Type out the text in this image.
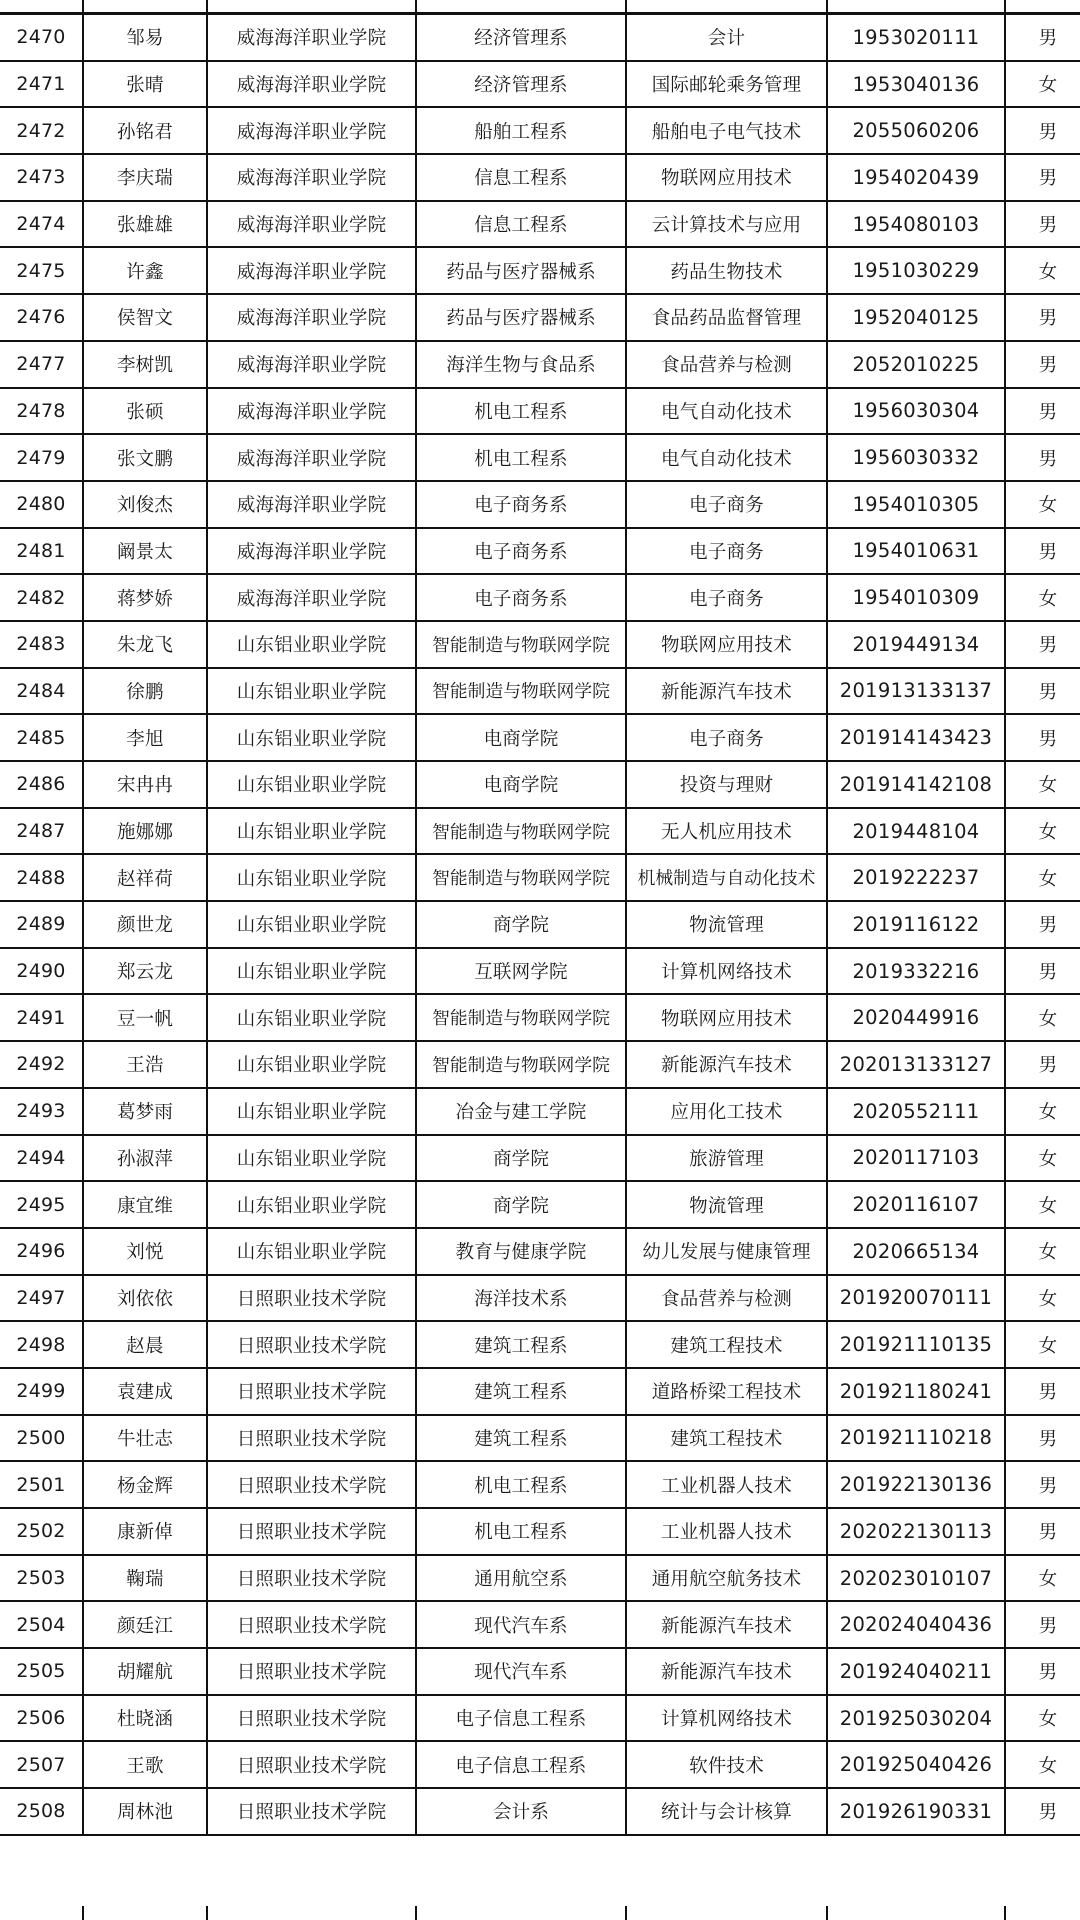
2470	邹易	威海海洋职业学院	经济管理系	会计	1953020111	男
2471	张晴	威海海洋职业学院	经济管理系	国际邮轮乘务管理	1953040136	女
2472	孙铭君	威海海洋职业学院	船舶工程系	船舶电子电气技术	2055060206	男
2473	李庆瑞	威海海洋职业学院	信息工程系	物联网应用技术	1954020439	男
2474	张雄雄	威海海洋职业学院	信息工程系	云计算技术与应用	1954080103	男
2475	许鑫	威海海洋职业学院	药品与医疗器械系	药品生物技术	1951030229	女
2476	侯智文	威海海洋职业学院	药品与医疗器械系	食品药品监督管理	1952040125	男
2477	李树凯	威海海洋职业学院	海洋生物与食品系	食品营养与检测	2052010225	男
2478	张硕	威海海洋职业学院	机电工程系	电气自动化技术	1956030304	男
2479	张文鹏	威海海洋职业学院	机电工程系	电气自动化技术	1956030332	男
2480	刘俊杰	威海海洋职业学院	电子商务系	电子商务	1954010305	女
2481	阚景太	威海海洋职业学院	电子商务系	电子商务	1954010631	男
2482	蒋梦娇	威海海洋职业学院	电子商务系	电子商务	1954010309	女
2483	朱龙飞	山东铝业职业学院	智能制造与物联网学院	物联网应用技术	2019449134	男
2484	徐鹏	山东铝业职业学院	智能制造与物联网学院	新能源汽车技术	201913133137	男
2485	李旭	山东铝业职业学院	电商学院	电子商务	201914143423	男
2486	宋冉冉	山东铝业职业学院	电商学院	投资与理财	201914142108	女
2487	施娜娜	山东铝业职业学院	智能制造与物联网学院	无人机应用技术	2019448104	女
2488	赵祥荷	山东铝业职业学院	智能制造与物联网学院	机械制造与自动化技术	2019222237	女
2489	颜世龙	山东铝业职业学院	商学院	物流管理	2019116122	男
2490	郑云龙	山东铝业职业学院	互联网学院	计算机网络技术	2019332216	男
2491	豆一帆	山东铝业职业学院	智能制造与物联网学院	物联网应用技术	2020449916	女
2492	王浩	山东铝业职业学院	智能制造与物联网学院	新能源汽车技术	202013133127	男
2493	葛梦雨	山东铝业职业学院	冶金与建工学院	应用化工技术	2020552111	女
2494	孙淑萍	山东铝业职业学院	商学院	旅游管理	2020117103	女
2495	康宜维	山东铝业职业学院	商学院	物流管理	2020116107	女
2496	刘悦	山东铝业职业学院	教育与健康学院	幼儿发展与健康管理	2020665134	女
2497	刘依依	日照职业技术学院	海洋技术系	食品营养与检测	201920070111	女
2498	赵晨	日照职业技术学院	建筑工程系	建筑工程技术	201921110135	女
2499	袁建成	日照职业技术学院	建筑工程系	道路桥梁工程技术	201921180241	男
2500	牛壮志	日照职业技术学院	建筑工程系	建筑工程技术	201921110218	男
2501	杨金辉	日照职业技术学院	机电工程系	工业机器人技术	201922130136	男
2502	康新倬	日照职业技术学院	机电工程系	工业机器人技术	202022130113	男
2503	鞠瑞	日照职业技术学院	通用航空系	通用航空航务技术	202023010107	女
2504	颜廷江	日照职业技术学院	现代汽车系	新能源汽车技术	202024040436	男
2505	胡耀航	日照职业技术学院	现代汽车系	新能源汽车技术	201924040211	男
2506	杜晓涵	日照职业技术学院	电子信息工程系	计算机网络技术	201925030204	女
2507	王歌	日照职业技术学院	电子信息工程系	软件技术	201925040426	女
2508	周林池	日照职业技术学院	会计系	统计与会计核算	201926190331	男
